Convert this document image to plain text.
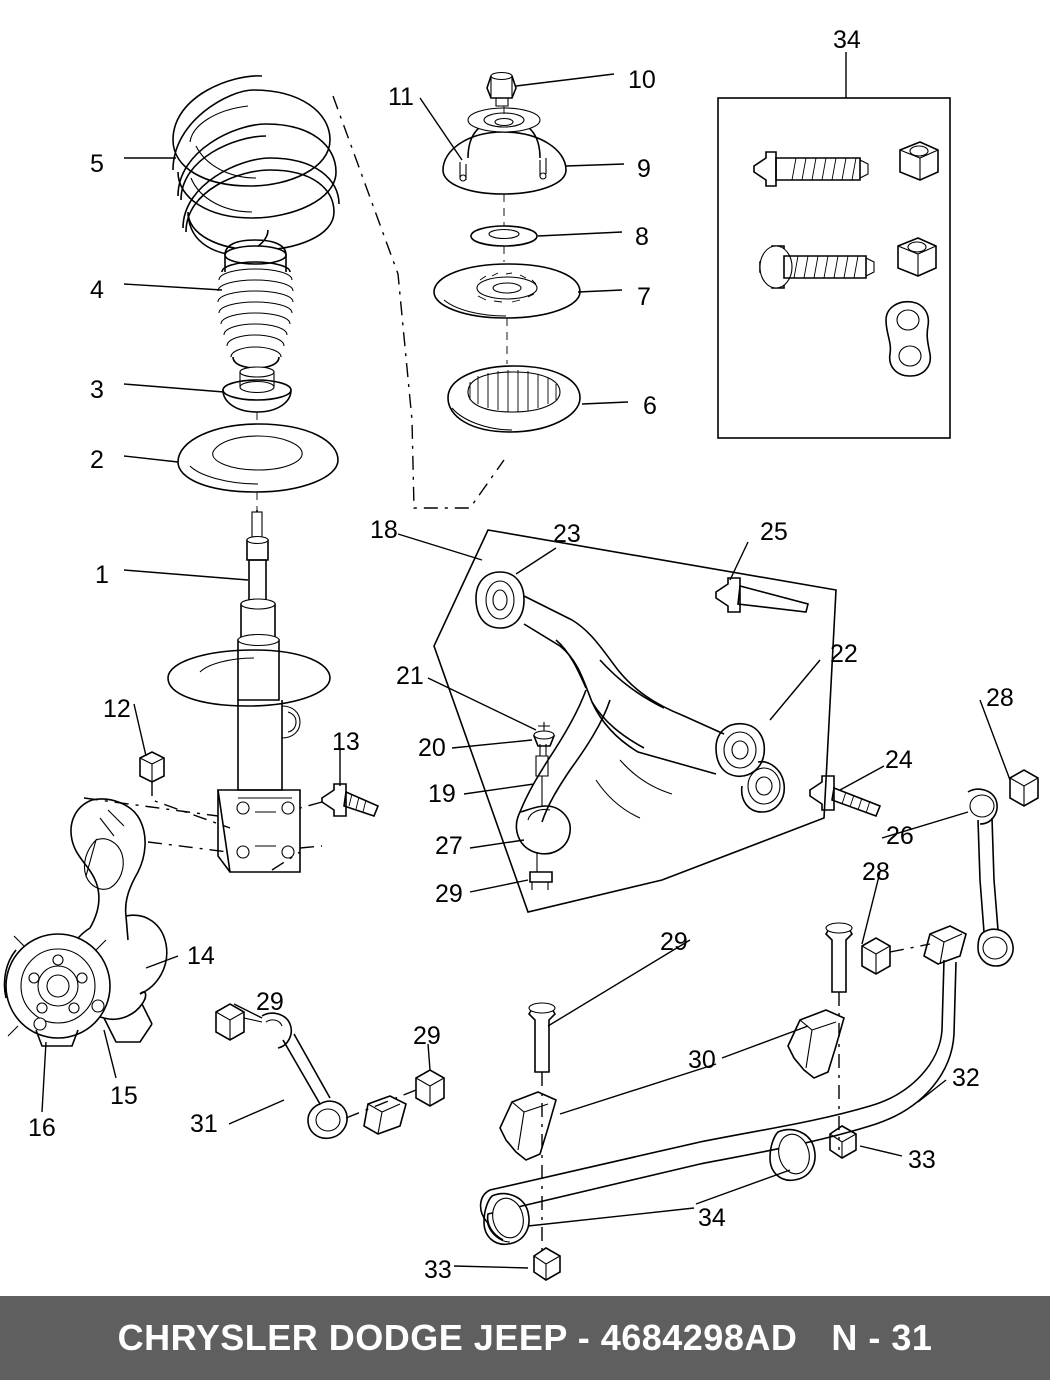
5
4
3
2
1
11
10
9
8
7
6
34
12
13
14
15
16
18	23	25
22
28
24
26
21
20
19
27
29
28
29
29
29
30
32
31
33
34
33
CHRYSLER DODGE JEEP - 4684298AD N - 31
